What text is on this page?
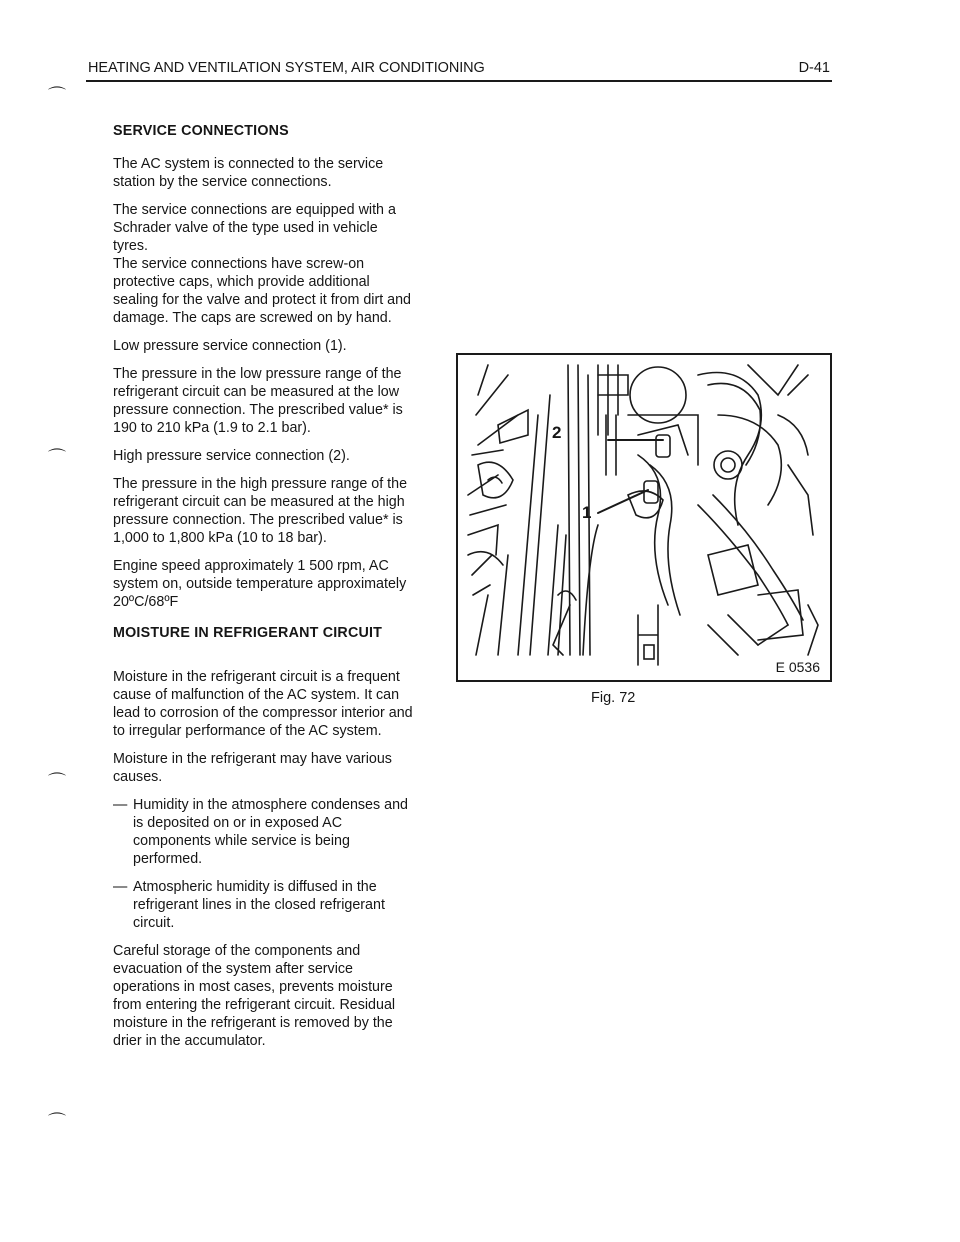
HEATING AND VENTILATION SYSTEM, AIR CONDITIONING	D-41
⌒
⌒
⌒
⌒
SERVICE CONNECTIONS

The AC system is connected to the service station by the service connections.

The service connections are equipped with a Schrader valve of the type used in vehicle tyres.

The service connections have screw-on protective caps, which provide additional sealing for the valve and protect it from dirt and damage. The caps are screwed on by hand.

Low pressure service connection (1).

The pressure in the low pressure range of the refrigerant circuit can be measured at the low pressure connection. The prescribed value* is 190 to 210 kPa (1.9 to 2.1 bar).

High pressure service connection (2).

The pressure in the high pressure range of the refrigerant circuit can be measured at the high pressure connection. The prescribed value* is 1,000 to 1,800 kPa (10 to 18 bar).

Engine speed approximately 1 500 rpm, AC system on, outside temperature approximately 20ºC/68ºF

MOISTURE IN REFRIGERANT CIRCUIT

Moisture in the refrigerant circuit is a frequent cause of malfunction of the AC system. It can lead to corrosion of the compressor interior and to irregular performance of the AC system.

Moisture in the refrigerant may have various causes.

— Humidity in the atmosphere condenses and is deposited on or in exposed AC components while service is being performed.
— Atmospheric humidity is diffused in the refrigerant lines in the closed refrigerant circuit.

Careful storage of the components and evacuation of the system after service operations in most cases, prevents moisture from entering the refrigerant circuit. Residual moisture in the refrigerant is removed by the drier in the accumulator.

2
1
E 0536
Fig. 72
